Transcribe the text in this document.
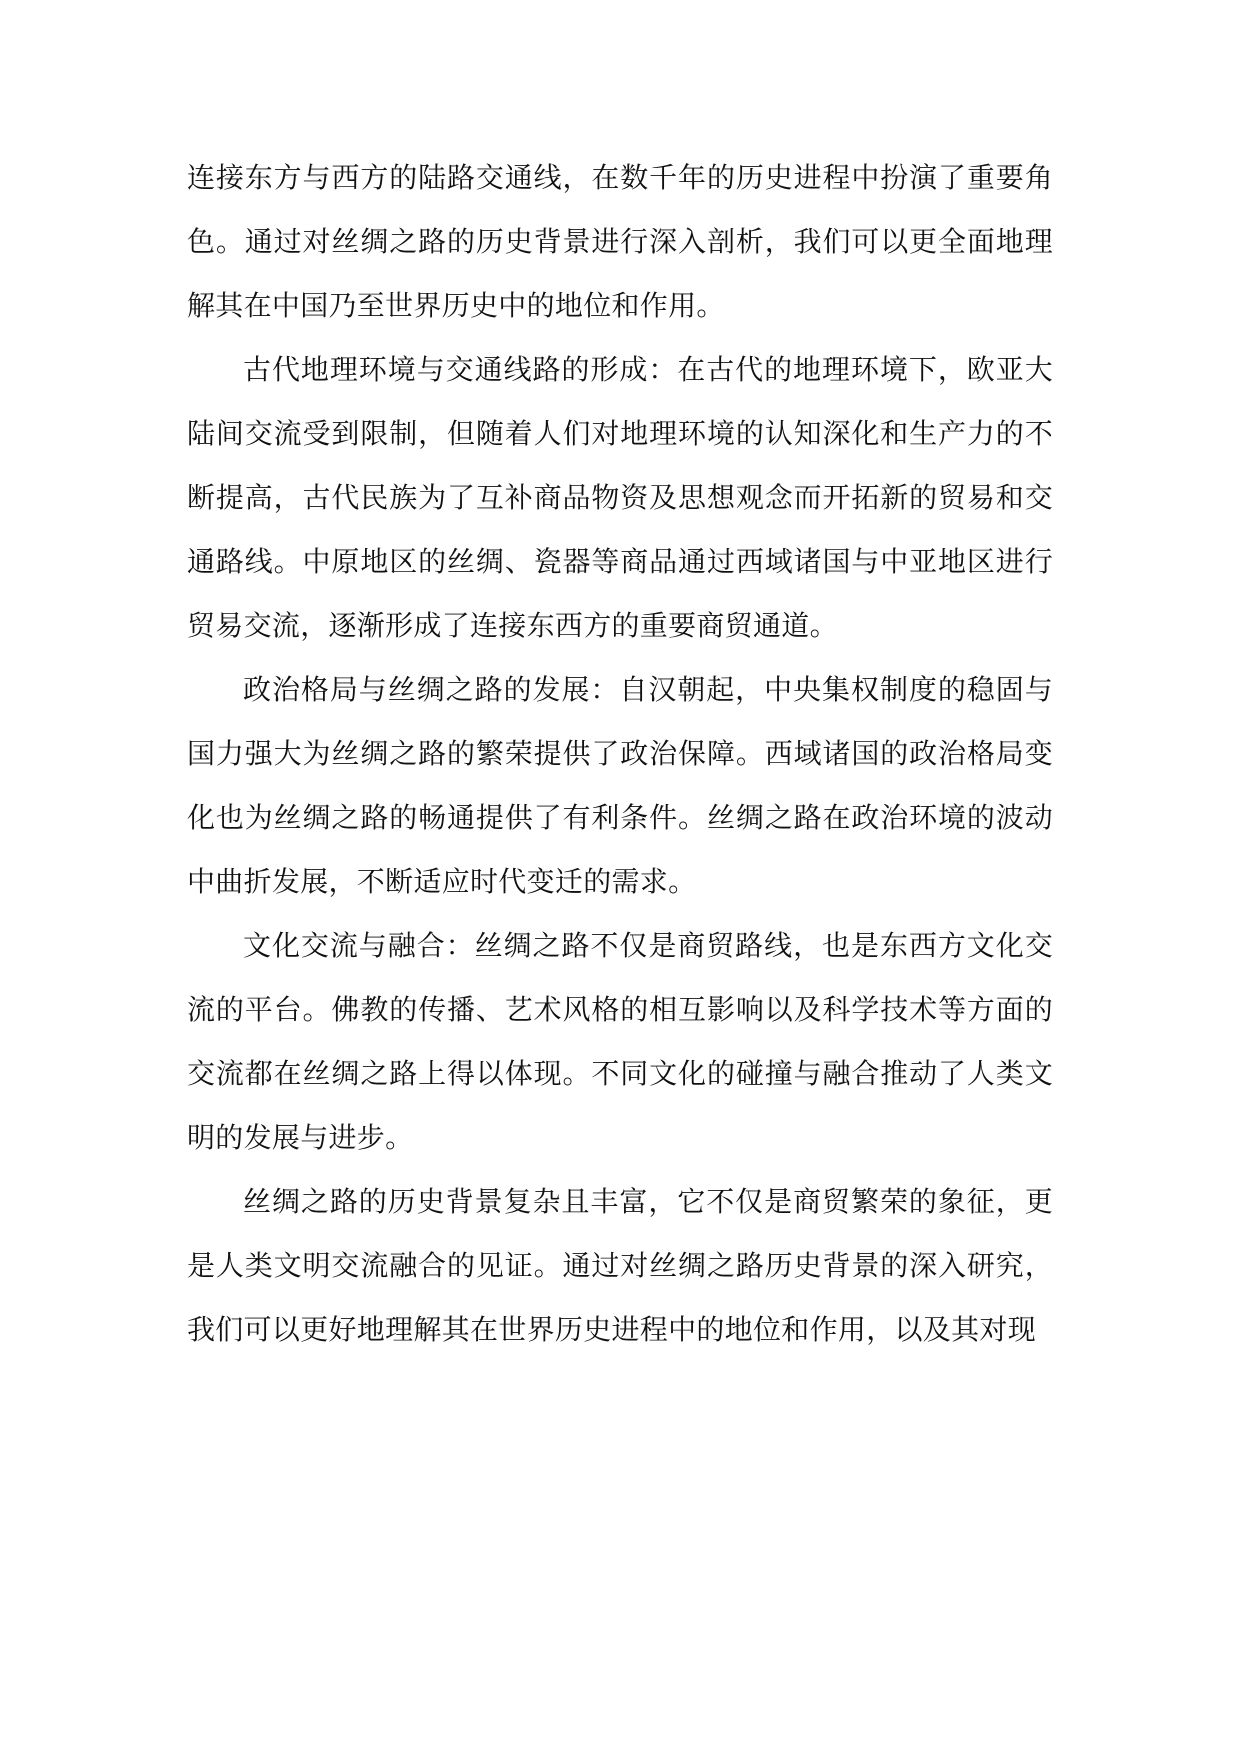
连接东方与西方的陆路交通线，在数千年的历史进程中扮演了重要角色。通过对丝绸之路的历史背景进行深入剖析，我们可以更全面地理解其在中国乃至世界历史中的地位和作用。

古代地理环境与交通线路的形成：在古代的地理环境下，欧亚大陆间交流受到限制，但随着人们对地理环境的认知深化和生产力的不断提高，古代民族为了互补商品物资及思想观念而开拓新的贸易和交通路线。中原地区的丝绸、瓷器等商品通过西域诸国与中亚地区进行贸易交流，逐渐形成了连接东西方的重要商贸通道。

政治格局与丝绸之路的发展：自汉朝起，中央集权制度的稳固与国力强大为丝绸之路的繁荣提供了政治保障。西域诸国的政治格局变化也为丝绸之路的畅通提供了有利条件。丝绸之路在政治环境的波动中曲折发展，不断适应时代变迁的需求。

文化交流与融合：丝绸之路不仅是商贸路线，也是东西方文化交流的平台。佛教的传播、艺术风格的相互影响以及科学技术等方面的交流都在丝绸之路上得以体现。不同文化的碰撞与融合推动了人类文明的发展与进步。

丝绸之路的历史背景复杂且丰富，它不仅是商贸繁荣的象征，更是人类文明交流融合的见证。通过对丝绸之路历史背景的深入研究，我们可以更好地理解其在世界历史进程中的地位和作用，以及其对现
